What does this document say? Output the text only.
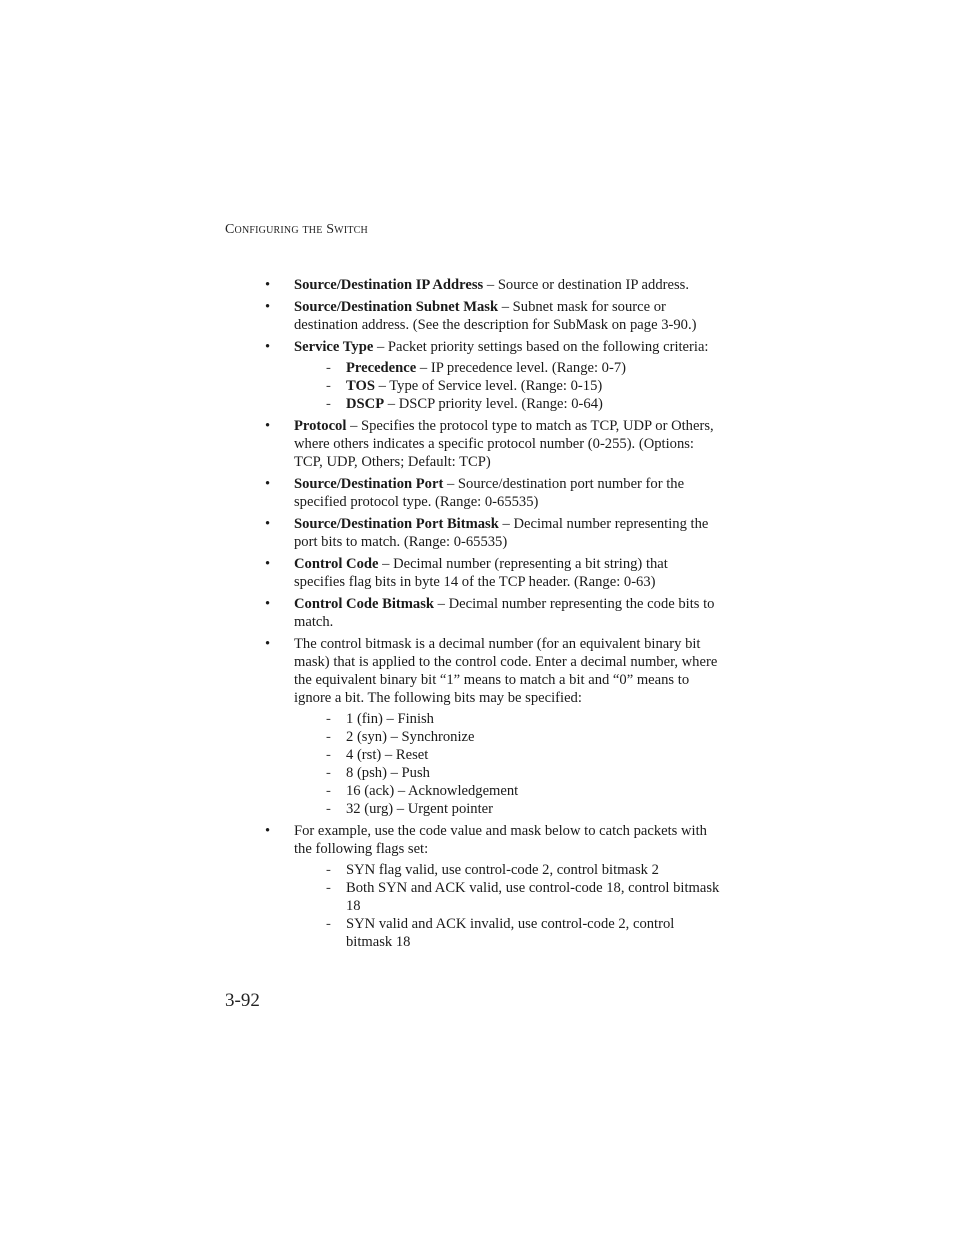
Configuring the Switch
• Source/Destination IP Address – Source or destination IP address.
• Source/Destination Subnet Mask – Subnet mask for source or destination address. (See the description for SubMask on page 3-90.)
• Service Type – Packet priority settings based on the following criteria:
- Precedence – IP precedence level. (Range: 0-7)
- TOS – Type of Service level. (Range: 0-15)
- DSCP – DSCP priority level. (Range: 0-64)
• Protocol – Specifies the protocol type to match as TCP, UDP or Others, where others indicates a specific protocol number (0-255). (Options: TCP, UDP, Others; Default: TCP)
• Source/Destination Port – Source/destination port number for the specified protocol type. (Range: 0-65535)
• Source/Destination Port Bitmask – Decimal number representing the port bits to match. (Range: 0-65535)
• Control Code – Decimal number (representing a bit string) that specifies flag bits in byte 14 of the TCP header. (Range: 0-63)
• Control Code Bitmask – Decimal number representing the code bits to match.
• The control bitmask is a decimal number (for an equivalent binary bit mask) that is applied to the control code. Enter a decimal number, where the equivalent binary bit “1” means to match a bit and “0” means to ignore a bit. The following bits may be specified:
- 1 (fin) – Finish
- 2 (syn) – Synchronize
- 4 (rst) – Reset
- 8 (psh) – Push
- 16 (ack) – Acknowledgement
- 32 (urg) – Urgent pointer
• For example, use the code value and mask below to catch packets with the following flags set:
- SYN flag valid, use control-code 2, control bitmask 2
- Both SYN and ACK valid, use control-code 18, control bitmask 18
- SYN valid and ACK invalid, use control-code 2, control bitmask 18
3-92
